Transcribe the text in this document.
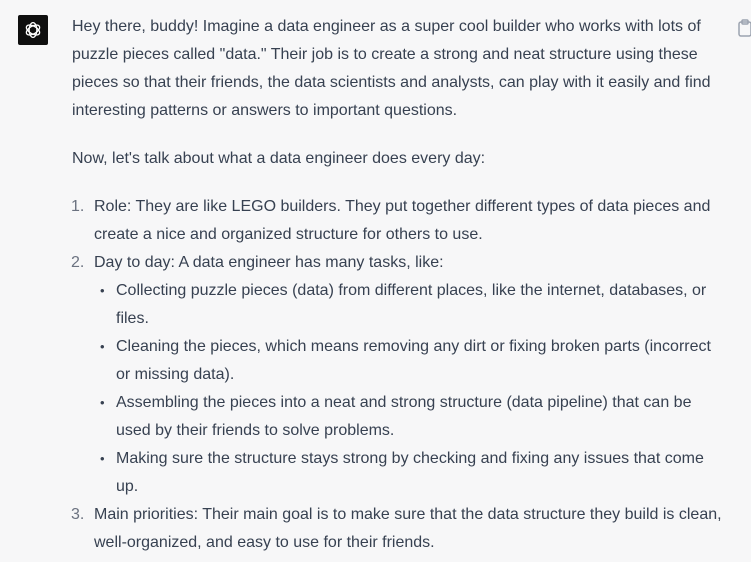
Hey there, buddy! Imagine a data engineer as a super cool builder who works with lots of puzzle pieces called "data." Their job is to create a strong and neat structure using these pieces so that their friends, the data scientists and analysts, can play with it easily and find interesting patterns or answers to important questions.

Now, let's talk about what a data engineer does every day:

1. Role: They are like LEGO builders. They put together different types of data pieces and create a nice and organized structure for others to use.
2. Day to day: A data engineer has many tasks, like:
• Collecting puzzle pieces (data) from different places, like the internet, databases, or files.
• Cleaning the pieces, which means removing any dirt or fixing broken parts (incorrect or missing data).
• Assembling the pieces into a neat and strong structure (data pipeline) that can be used by their friends to solve problems.
• Making sure the structure stays strong by checking and fixing any issues that come up.
3. Main priorities: Their main goal is to make sure that the data structure they build is clean, well-organized, and easy to use for their friends.
